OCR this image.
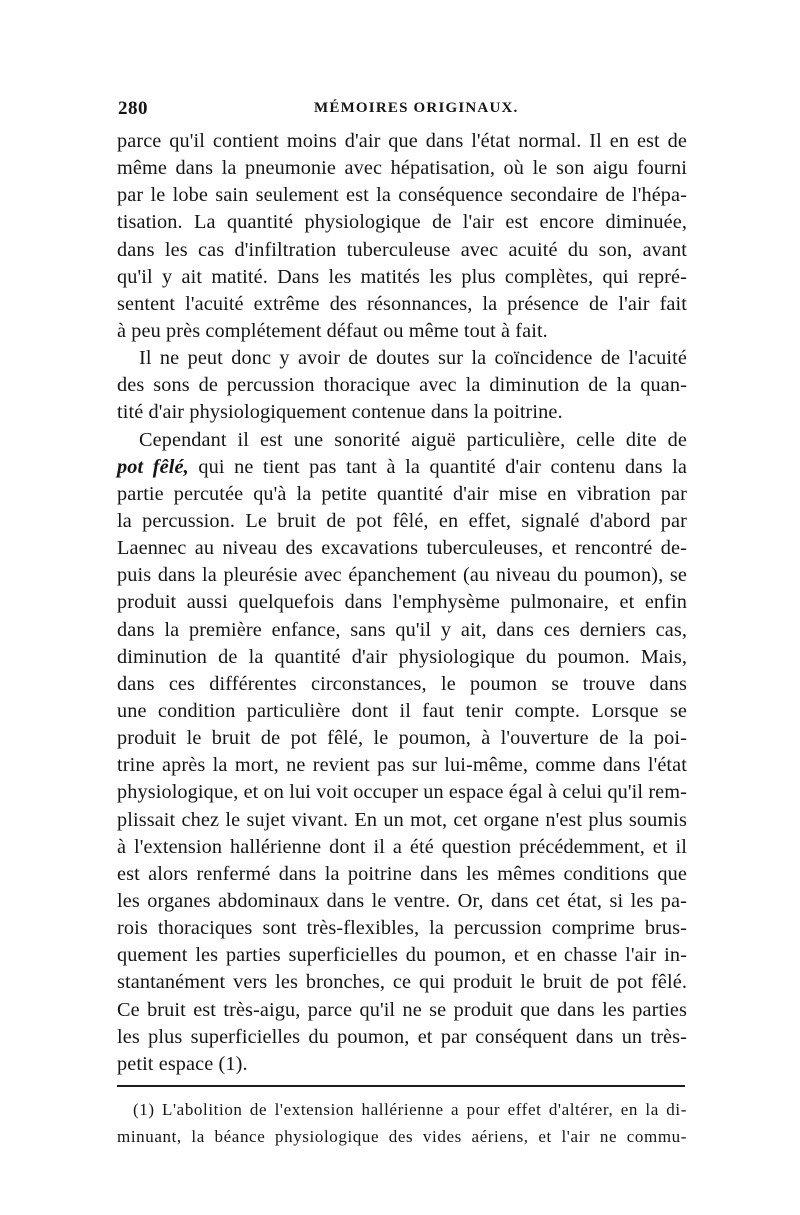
280	MÉMOIRES ORIGINAUX.
parce qu'il contient moins d'air que dans l'état normal. Il en est de
même dans la pneumonie avec hépatisation, où le son aigu fourni
par le lobe sain seulement est la conséquence secondaire de l'hépa-
tisation. La quantité physiologique de l'air est encore diminuée,
dans les cas d'infiltration tuberculeuse avec acuité du son, avant
qu'il y ait matité. Dans les matités les plus complètes, qui repré-
sentent l'acuité extrême des résonnances, la présence de l'air fait
à peu près complétement défaut ou même tout à fait.
Il ne peut donc y avoir de doutes sur la coïncidence de l'acuité
des sons de percussion thoracique avec la diminution de la quan-
tité d'air physiologiquement contenue dans la poitrine.
Cependant il est une sonorité aiguë particulière, celle dite de
pot fêlé, qui ne tient pas tant à la quantité d'air contenu dans la
partie percutée qu'à la petite quantité d'air mise en vibration par
la percussion. Le bruit de pot fêlé, en effet, signalé d'abord par
Laennec au niveau des excavations tuberculeuses, et rencontré de-
puis dans la pleurésie avec épanchement (au niveau du poumon), se
produit aussi quelquefois dans l'emphysème pulmonaire, et enfin
dans la première enfance, sans qu'il y ait, dans ces derniers cas,
diminution de la quantité d'air physiologique du poumon. Mais,
dans ces différentes circonstances, le poumon se trouve dans
une condition particulière dont il faut tenir compte. Lorsque se
produit le bruit de pot fêlé, le poumon, à l'ouverture de la poi-
trine après la mort, ne revient pas sur lui-même, comme dans l'état
physiologique, et on lui voit occuper un espace égal à celui qu'il rem-
plissait chez le sujet vivant. En un mot, cet organe n'est plus soumis
à l'extension hallérienne dont il a été question précédemment, et il
est alors renfermé dans la poitrine dans les mêmes conditions que
les organes abdominaux dans le ventre. Or, dans cet état, si les pa-
rois thoraciques sont très-flexibles, la percussion comprime brus-
quement les parties superficielles du poumon, et en chasse l'air in-
stantanément vers les bronches, ce qui produit le bruit de pot fêlé.
Ce bruit est très-aigu, parce qu'il ne se produit que dans les parties
les plus superficielles du poumon, et par conséquent dans un très-
petit espace (1).
(1) L'abolition de l'extension hallérienne a pour effet d'altérer, en la di-
minuant, la béance physiologique des vides aériens, et l'air ne commu-
